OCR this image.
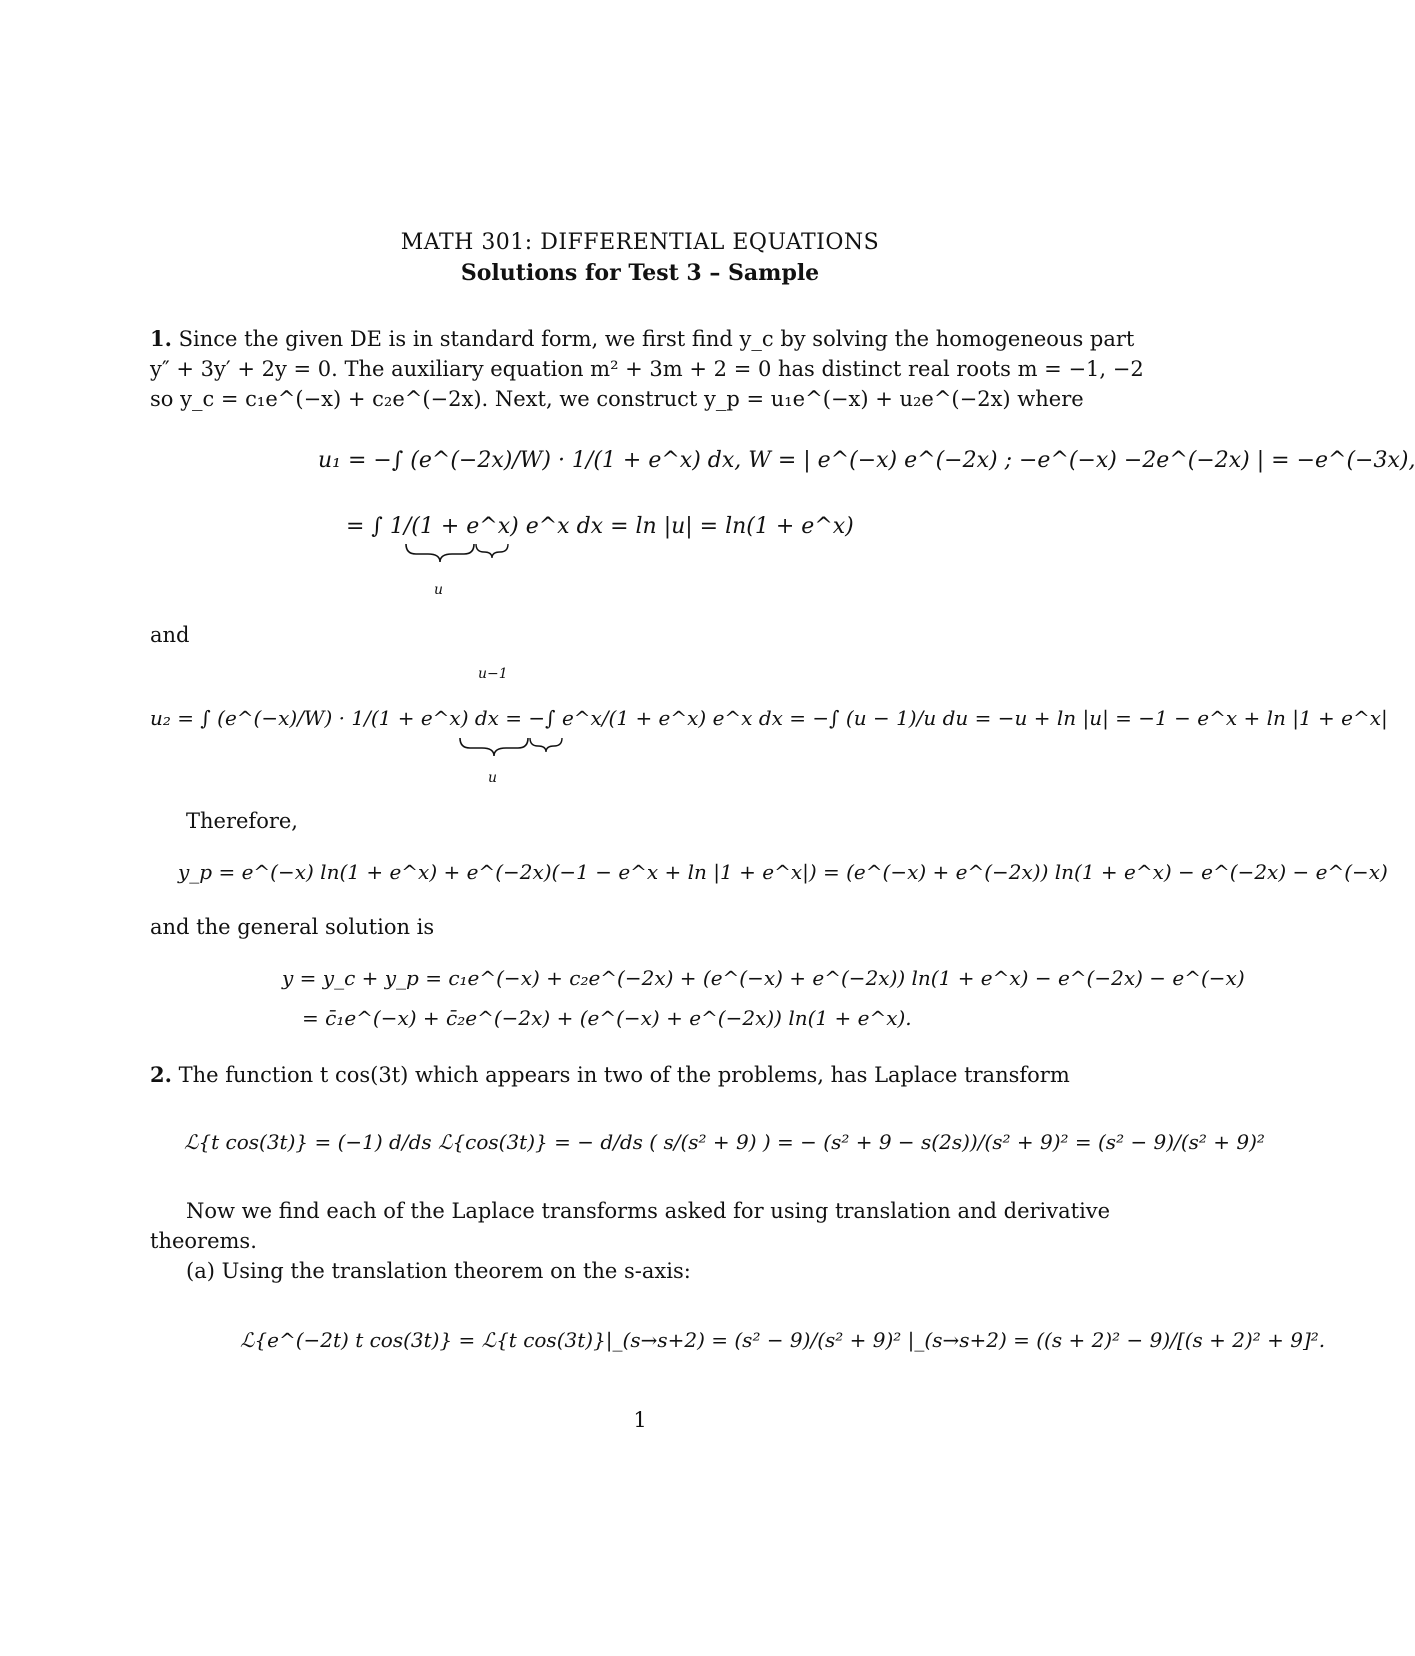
MATH 301: DIFFERENTIAL EQUATIONS
Solutions for Test 3 – Sample
1. Since the given DE is in standard form, we first find y_c by solving the homogeneous part
y″ + 3y′ + 2y = 0. The auxiliary equation m² + 3m + 2 = 0 has distinct real roots m = −1, −2
so y_c = c₁e^(−x) + c₂e^(−2x). Next, we construct y_p = u₁e^(−x) + u₂e^(−2x) where
u₁ = −∫ (e^(−2x)/W) · 1/(1 + e^x) dx, W = | e^(−x) e^(−2x) ; −e^(−x) −2e^(−2x) | = −e^(−3x),
= ∫ 1/(1 + e^x) e^x dx = ln |u| = ln(1 + e^x)
u
and
u−1
u₂ = ∫ (e^(−x)/W) · 1/(1 + e^x) dx = −∫ e^x/(1 + e^x) e^x dx = −∫ (u − 1)/u du = −u + ln |u| = −1 − e^x + ln |1 + e^x|
u
Therefore,
y_p = e^(−x) ln(1 + e^x) + e^(−2x)(−1 − e^x + ln |1 + e^x|) = (e^(−x) + e^(−2x)) ln(1 + e^x) − e^(−2x) − e^(−x)
and the general solution is
y = y_c + y_p = c₁e^(−x) + c₂e^(−2x) + (e^(−x) + e^(−2x)) ln(1 + e^x) − e^(−2x) − e^(−x)
= c̄₁e^(−x) + c̄₂e^(−2x) + (e^(−x) + e^(−2x)) ln(1 + e^x).
2. The function t cos(3t) which appears in two of the problems, has Laplace transform
ℒ{t cos(3t)} = (−1) d/ds ℒ{cos(3t)} = − d/ds ( s/(s² + 9) ) = − (s² + 9 − s(2s))/(s² + 9)² = (s² − 9)/(s² + 9)²
Now we find each of the Laplace transforms asked for using translation and derivative
theorems.
(a) Using the translation theorem on the s-axis:
ℒ{e^(−2t) t cos(3t)} = ℒ{t cos(3t)}|_(s→s+2) = (s² − 9)/(s² + 9)² |_(s→s+2) = ((s + 2)² − 9)/[(s + 2)² + 9]².
1
